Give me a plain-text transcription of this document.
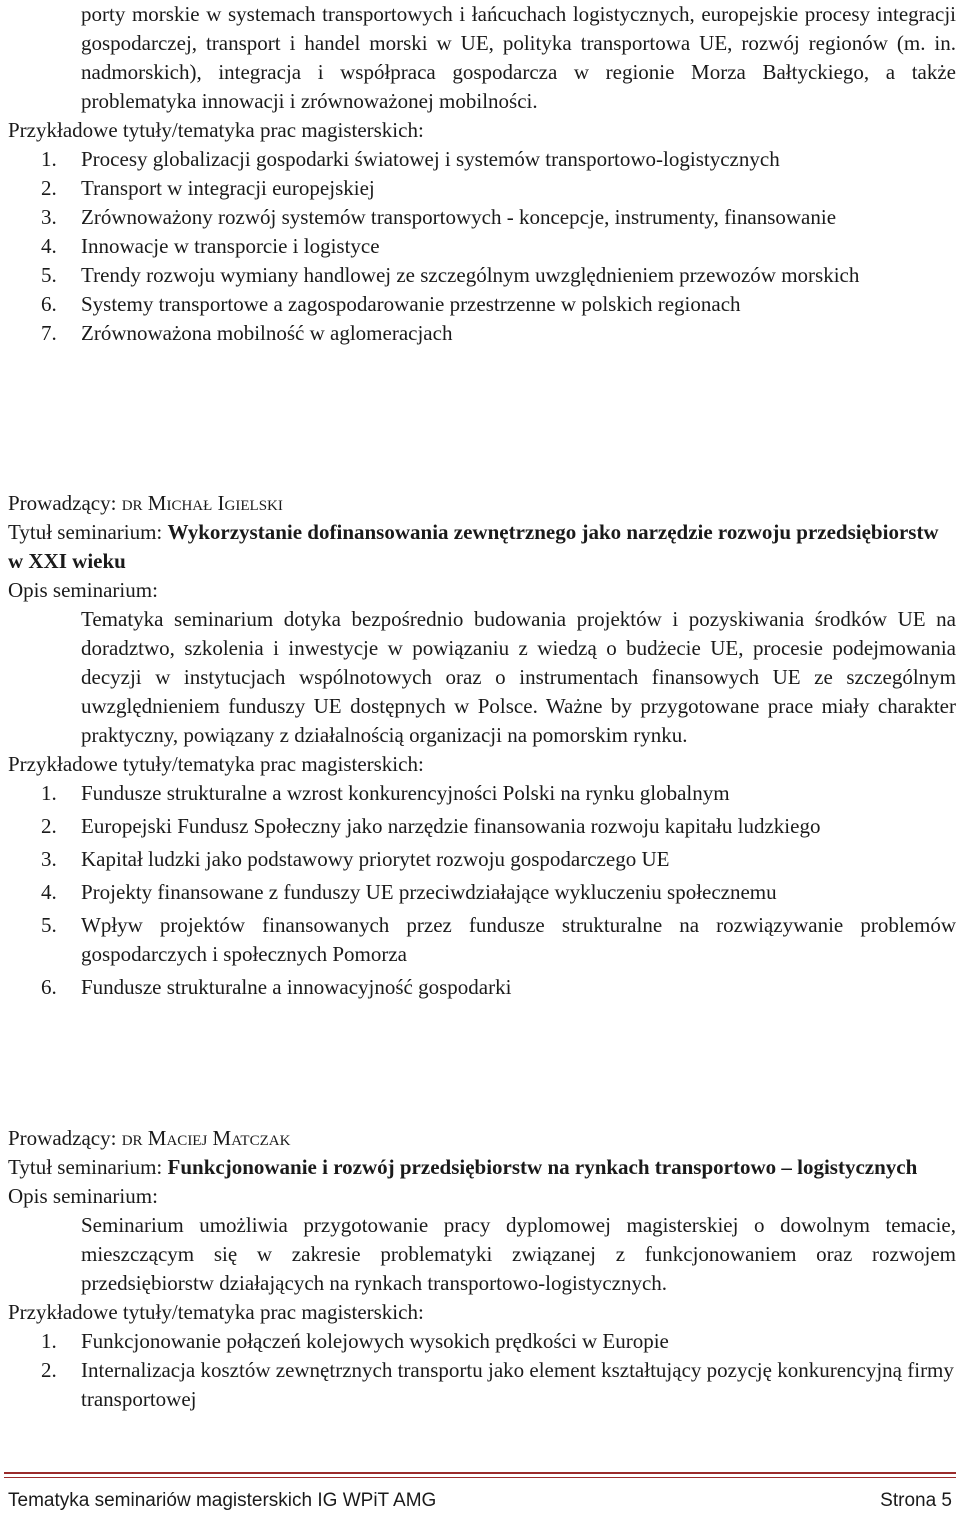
porty morskie w systemach transportowych i łańcuchach logistycznych, europejskie procesy integracji gospodarczej, transport i handel morski w UE, polityka transportowa UE, rozwój regionów (m. in. nadmorskich), integracja i współpraca gospodarcza w regionie Morza Bałtyckiego, a także problematyka innowacji i zrównoważonej mobilności.

Przykładowe tytuły/tematyka prac magisterskich:

1.	Procesy globalizacji gospodarki światowej i systemów transportowo-logistycznych
2.	Transport w integracji europejskiej
3.	Zrównoważony rozwój systemów transportowych - koncepcje, instrumenty, finansowanie
4.	Innowacje w transporcie i logistyce
5.	Trendy rozwoju wymiany handlowej ze szczególnym uwzględnieniem przewozów morskich
6.	Systemy transportowe a zagospodarowanie przestrzenne w polskich regionach
7.	Zrównoważona mobilność w aglomeracjach

Prowadzący: dr Michał Igielski

Tytuł seminarium: Wykorzystanie dofinansowania zewnętrznego jako narzędzie rozwoju przedsiębiorstw w XXI wieku

Opis seminarium:

Tematyka seminarium dotyka bezpośrednio budowania projektów i pozyskiwania środków UE na doradztwo, szkolenia i inwestycje w powiązaniu z wiedzą o budżecie UE, procesie podejmowania decyzji w instytucjach wspólnotowych oraz o instrumentach finansowych UE ze szczególnym uwzględnieniem funduszy UE dostępnych w Polsce. Ważne by przygotowane prace miały charakter praktyczny, powiązany z działalnością organizacji na pomorskim rynku.

Przykładowe tytuły/tematyka prac magisterskich:

1.	Fundusze strukturalne a wzrost konkurencyjności Polski na rynku globalnym
2.	Europejski Fundusz Społeczny jako narzędzie finansowania rozwoju kapitału ludzkiego
3.	Kapitał ludzki jako podstawowy priorytet rozwoju gospodarczego UE
4.	Projekty finansowane z funduszy UE przeciwdziałające wykluczeniu społecznemu
5.	Wpływ projektów finansowanych przez fundusze strukturalne na rozwiązywanie problemów gospodarczych i społecznych Pomorza
6.	Fundusze strukturalne a innowacyjność gospodarki

Prowadzący: dr Maciej Matczak

Tytuł seminarium: Funkcjonowanie i rozwój przedsiębiorstw na rynkach transportowo – logistycznych

Opis seminarium:

Seminarium umożliwia przygotowanie pracy dyplomowej magisterskiej o dowolnym temacie, mieszczącym się w zakresie problematyki związanej z funkcjonowaniem oraz rozwojem przedsiębiorstw działających na rynkach transportowo-logistycznych.

Przykładowe tytuły/tematyka prac magisterskich:

1.	Funkcjonowanie połączeń kolejowych wysokich prędkości w Europie
2.	Internalizacja kosztów zewnętrznych transportu jako element kształtujący pozycję konkurencyjną firmy transportowej
Tematyka seminariów magisterskich IG WPiT AMG	Strona 5
